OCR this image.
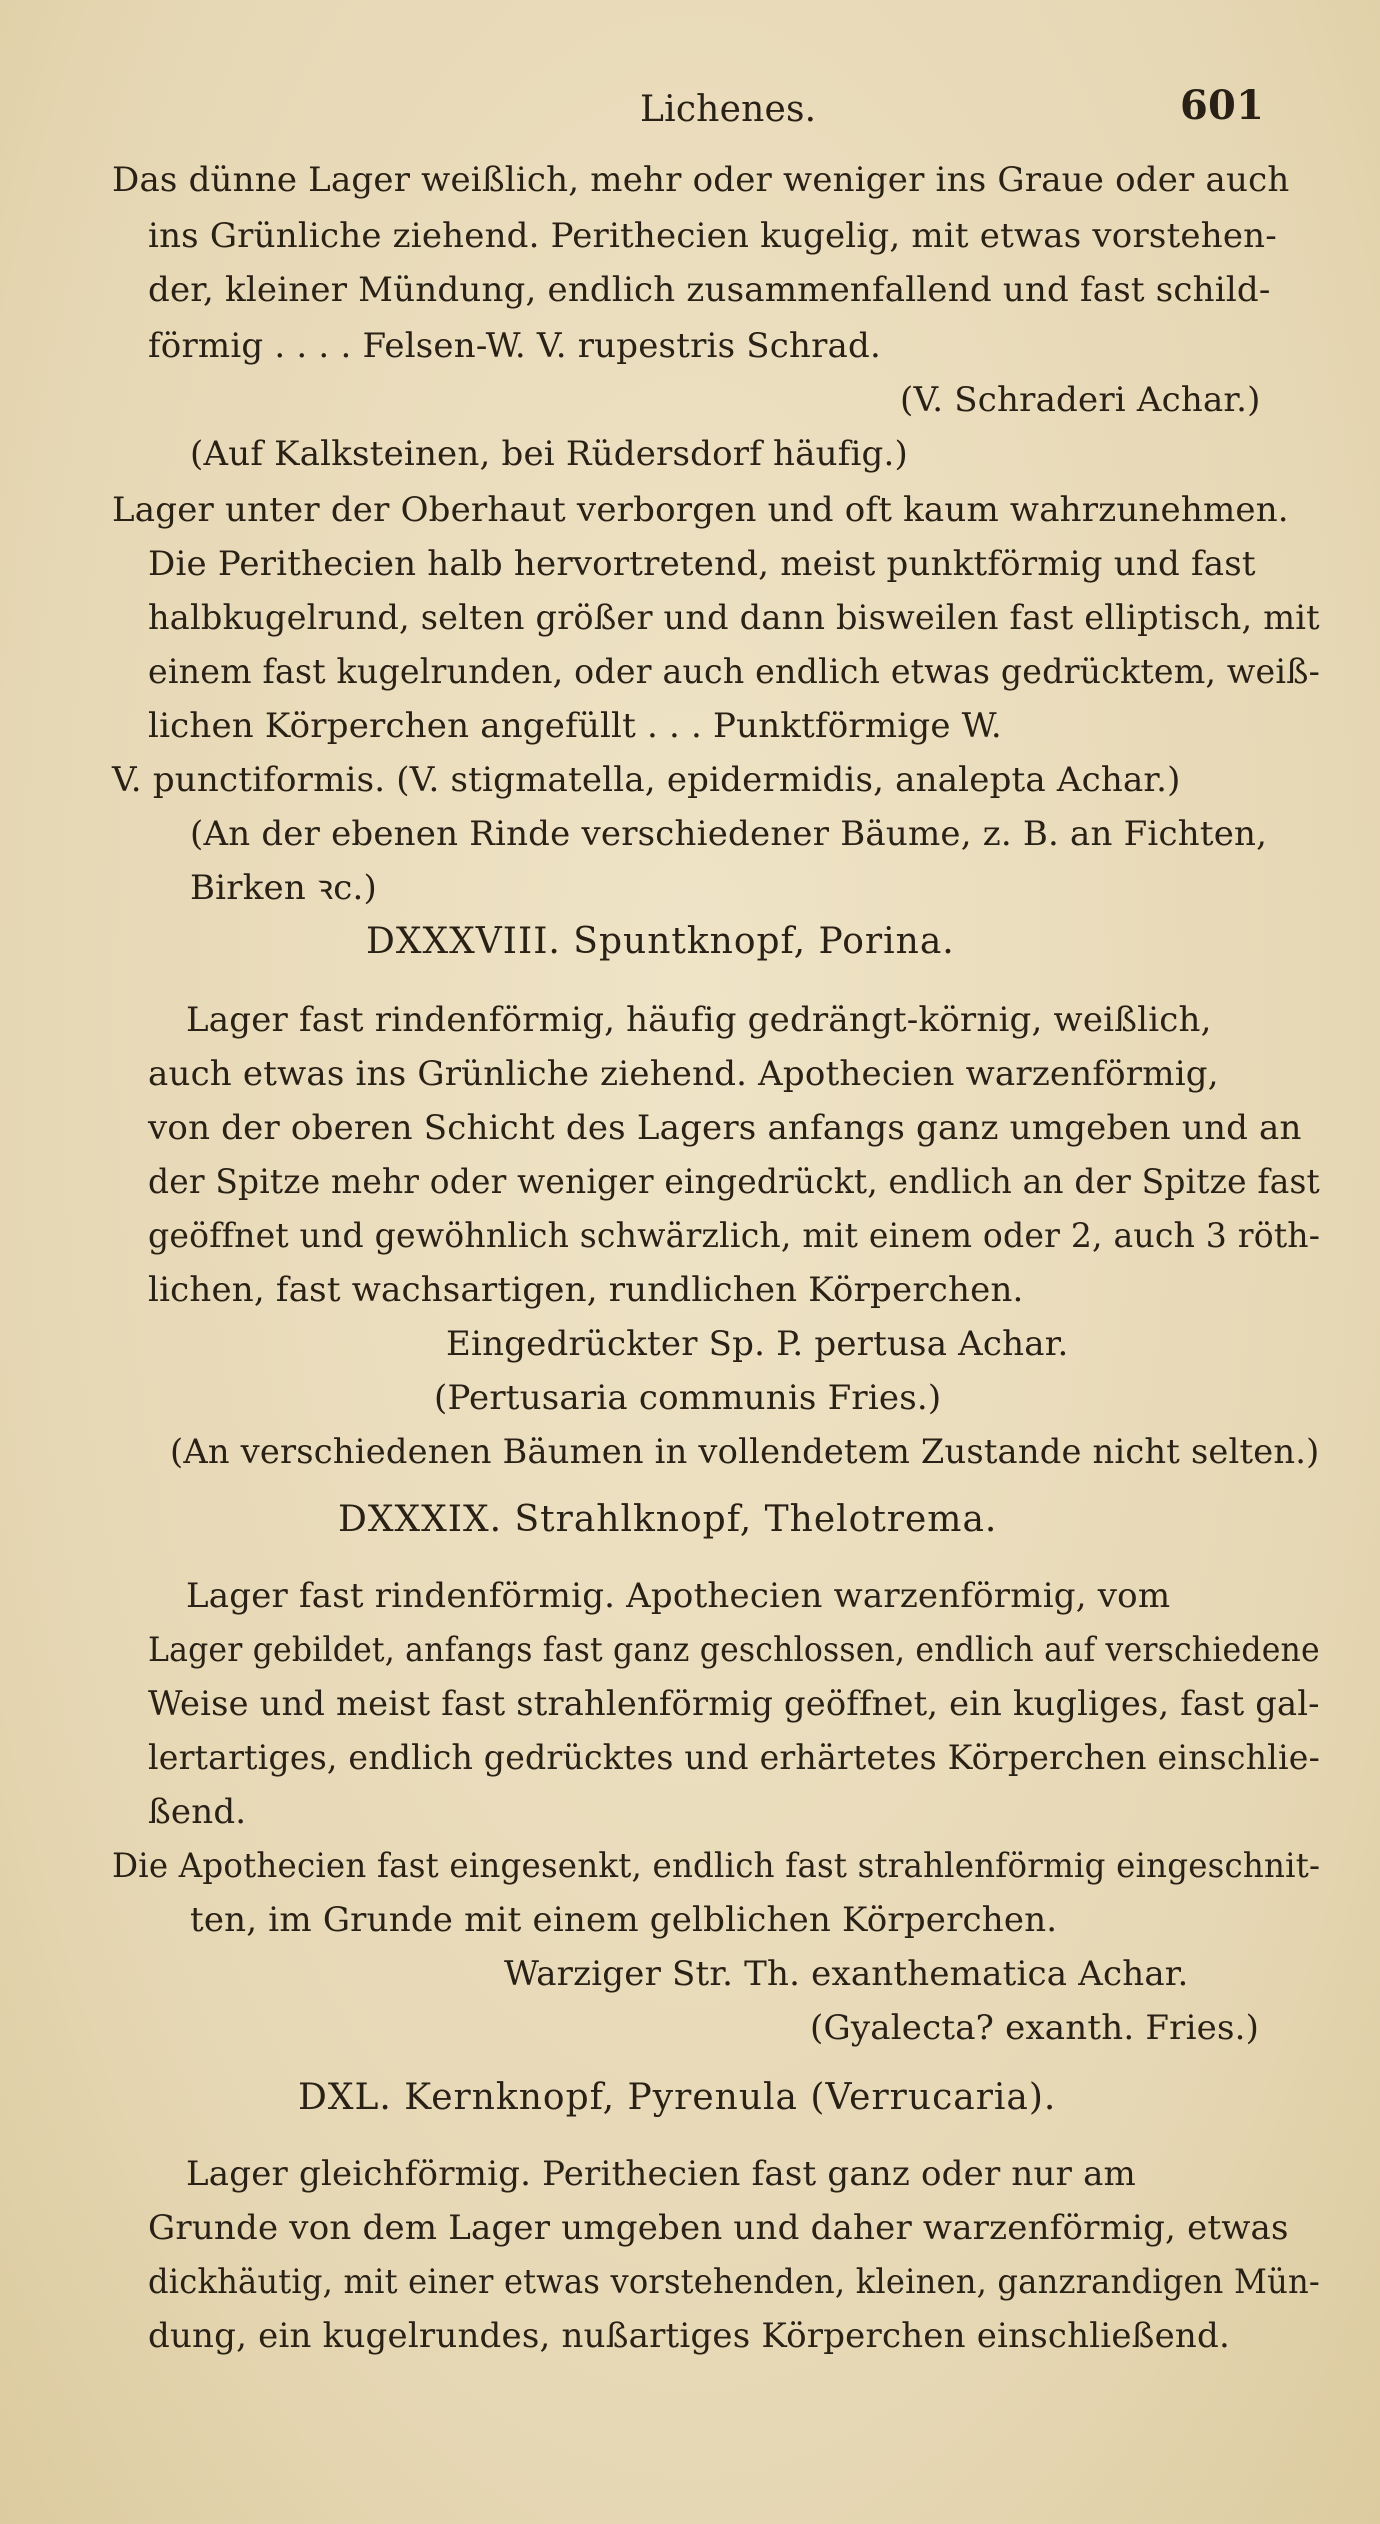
Lichenes.	601
Das dünne Lager weißlich, mehr oder weniger ins Graue oder auch
ins Grünliche ziehend. Perithecien kugelig, mit etwas vorstehen-
der, kleiner Mündung, endlich zusammenfallend und fast schild-
förmig . . . . Felsen-W. V. rupestris Schrad.
(V. Schraderi Achar.)
(Auf Kalksteinen, bei Rüdersdorf häufig.)
Lager unter der Oberhaut verborgen und oft kaum wahrzunehmen.
Die Perithecien halb hervortretend, meist punktförmig und fast
halbkugelrund, selten größer und dann bisweilen fast elliptisch, mit
einem fast kugelrunden, oder auch endlich etwas gedrücktem, weiß-
lichen Körperchen angefüllt . . . Punktförmige W.
V. punctiformis. (V. stigmatella, epidermidis, analepta Achar.)
(An der ebenen Rinde verschiedener Bäume, z. B. an Fichten,
Birken ꝛc.)
DXXXVIII. Spuntknopf, Porina.
Lager fast rindenförmig, häufig gedrängt-körnig, weißlich,
auch etwas ins Grünliche ziehend. Apothecien warzenförmig,
von der oberen Schicht des Lagers anfangs ganz umgeben und an
der Spitze mehr oder weniger eingedrückt, endlich an der Spitze fast
geöffnet und gewöhnlich schwärzlich, mit einem oder 2, auch 3 röth-
lichen, fast wachsartigen, rundlichen Körperchen.
Eingedrückter Sp. P. pertusa Achar.
(Pertusaria communis Fries.)
(An verschiedenen Bäumen in vollendetem Zustande nicht selten.)
DXXXIX. Strahlknopf, Thelotrema.
Lager fast rindenförmig. Apothecien warzenförmig, vom
Lager gebildet, anfangs fast ganz geschlossen, endlich auf verschiedene
Weise und meist fast strahlenförmig geöffnet, ein kugliges, fast gal-
lertartiges, endlich gedrücktes und erhärtetes Körperchen einschlie-
ßend.
Die Apothecien fast eingesenkt, endlich fast strahlenförmig eingeschnit-
ten, im Grunde mit einem gelblichen Körperchen.
Warziger Str. Th. exanthematica Achar.
(Gyalecta? exanth. Fries.)
DXL. Kernknopf, Pyrenula (Verrucaria).
Lager gleichförmig. Perithecien fast ganz oder nur am
Grunde von dem Lager umgeben und daher warzenförmig, etwas
dickhäutig, mit einer etwas vorstehenden, kleinen, ganzrandigen Mün-
dung, ein kugelrundes, nußartiges Körperchen einschließend.
